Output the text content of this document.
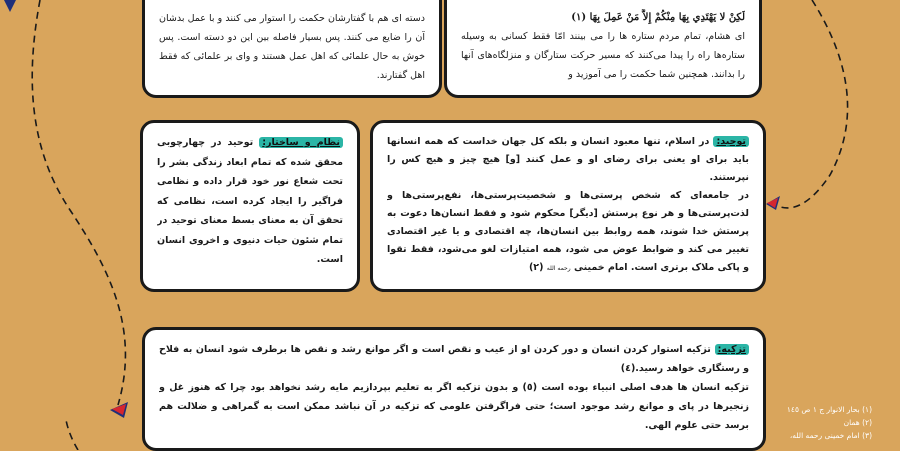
لَکِنْ لا یَهْتَدِي بِهَا مِنْكُمْ إِلاَّ مَنْ عَمِلَ بِهَا (١)

ای هشام، تمام مردم ستاره ها را می بینند امّا فقط کسانی به وسیله ستاره‌ها راه را پیدا می‌کنند که مسیر حرکت ستارگان و منزلگاه‌های آنها را بدانند. همچنین شما حکمت را می آموزید و

دسته ای هم با گفتارشان حکمت را استوار می کنند و با عمل بدشان آن را ضایع می کنند. پس بسیار فاصله بین این دو دسته است. پس خوش به حال علمائی که اهل عمل هستند و وای بر علمائی که فقط اهل گفتارند.

توحید: در اسلام، تنها معبود انسان و بلکه کل جهان خداست که همه انسانها باید برای او یعنی برای رضای او و عمل کنند [و] هیچ چیز و هیچ کس را نپرستند.

در جامعه‌ای که شخص پرستی‌ها و شخصیت‌پرستی‌ها، نفع‌پرستی‌ها و لذت‌پرستی‌ها و هر نوع پرستش [دیگر] محکوم شود و فقط انسان‌ها دعوت به پرستش خدا شوند، همه روابط بین انسان‌ها، چه اقتصادی و یا غیر اقتصادی تغییر می کند و ضوابط عوض می شود، همه امتیازات لغو می‌شود، فقط تقوا و پاکی ملاک برتری است. امام خمینی رحمه الله (٢)

نظام و ساختار: توحید در چهارچوبی محقق شده که تمام ابعاد زندگی بشر را تحت شعاع نور خود قرار داده و نظامی فراگیر را ایجاد کرده است، نظامی که تحقق آن به معنای بسط معنای توحید در تمام شئون حیات دنیوی و اخروی انسان است.

تزکیه: تزکیه استوار کردن انسان و دور کردن او از عیب و نقص است و اگر موانع رشد و نقص ها برطرف شود انسان به فلاح و رستگاری خواهد رسید.(٤)

تزکیه انسان ها هدف اصلی انبیاء بوده است (٥) و بدون تزکیه اگر به تعلیم بپردازیم مایه رشد نخواهد بود چرا که هنوز غل و زنجیرها در پای و موانع رشد موجود است؛ حتی فراگرفتن علومی که تزکیه در آن نباشد ممکن است به گمراهی و ضلالت هم برسد حتی علوم الهی.

(١) بحار الانوار ج ١ ص ١٤٥
(٢) همان
(٣) امام خمینی رحمه الله،
